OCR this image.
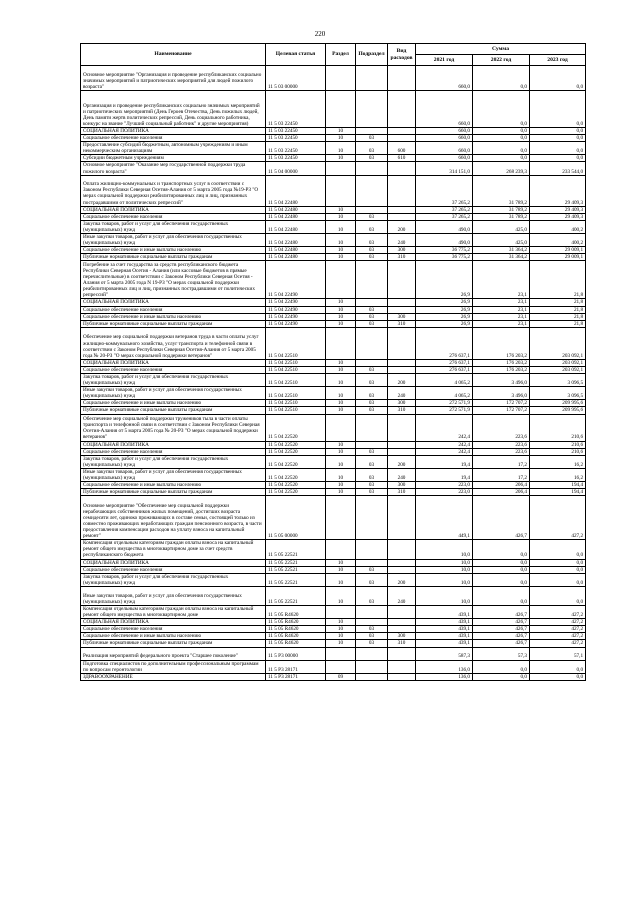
220
Наименование	Целевая статья	Раздел	Подраздел	Вид расходов	Сумма		
					2021 год	2022 год	2023 год
Основное мероприятие "Организация и проведение республиканских социально значимых мероприятий и патриотических мероприятий для людей пожилого возраста"	11 5 03 00000				660,0	0,0	0,0
Организация и проведение республиканских социально значимых мероприятий и патриотических мероприятий (День Героев Отечества, День пожилых людей, День памяти жертв политических репрессий, День социального работника, конкурс на звание "Лучший социальный работник" и другие мероприятия)	11 5 03 22450				660,0	0,0	0,0
СОЦИАЛЬНАЯ ПОЛИТИКА	11 5 03 22450	10			660,0	0,0	0,0
Социальное обеспечение населения	11 5 03 22450	10	03		660,0	0,0	0,0
Предоставление субсидий бюджетным, автономным учреждениям и иным некоммерческим организациям	11 5 03 22450	10	03	600	660,0	0,0	0,0
Субсидии бюджетным учреждениям	11 5 03 22450	10	03	610	660,0	0,0	0,0
Основное мероприятие "Оказание мер государственной поддержки труда пожилого возраста"	11 5 04 00000				314 151,0	268 239,3	233 544,0
Оплата жилищно-коммунальных и транспортных услуг в соответствии с Законом Республики Северная Осетия-Алания от 5 марта 2005 года №19-РЗ "О мерах социальной поддержки реабилитированных лиц и лиц, признанных пострадавшими от политических репрессий"	11 5 04 22480				37 265,2	31 789,2	29 409,3
СОЦИАЛЬНАЯ ПОЛИТИКА	11 5 04 22480	10			37 265,2	31 789,2	29 409,3
Социальное обеспечение населения	11 5 04 22480	10	03		37 265,2	31 789,2	29 409,3
Закупка товаров, работ и услуг для обеспечения государственных (муниципальных) нужд	11 5 04 22480	10	03	200	490,0	425,0	400,2
Иные закупки товаров, работ и услуг для обеспечения государственных (муниципальных) нужд	11 5 04 22480	10	03	240	490,0	425,0	400,2
Социальное обеспечение и иные выплаты населению	11 5 04 22480	10	03	300	36 775,2	31 364,2	29 009,1
Публичные нормативные социальные выплаты гражданам	11 5 04 22480	10	03	310	36 775,2	31 364,2	29 009,1
Погребение за счет государства за средств республиканского бюджета Республики Северная Осетия - Алания (или кассовые бюджетов в прямые перечислительные) в соответствии с Законом Республики Северная Осетия - Алания от 5 марта 2005 года N 19-РЗ "О мерах социальной поддержки реабилитированных лиц и лиц, признанных пострадавшими от политических репрессий"	11 5 04 22490				26,9	23,1	21,8
СОЦИАЛЬНАЯ ПОЛИТИКА	11 5 04 22490	10			26,9	23,1	21,8
Социальное обеспечение населения	11 5 04 22490	10	03		26,9	23,1	21,8
Социальное обеспечение и иные выплаты населению	11 5 04 22490	10	03	300	26,9	23,1	21,8
Публичные нормативные социальные выплаты гражданам	11 5 04 22490	10	03	310	26,9	23,1	21,8
Обеспечение мер социальной поддержки ветеранов труда в части оплаты услуг жилищно-коммунального хозяйства, услуг транспорта и телефонной связи в соответствии с Законом Республики Северная Осетия-Алания от 5 марта 2005 года № 20-РЗ "О мерах социальной поддержки ветеранов"	11 5 04 22510				276 637,1	176 203,2	203 092,1
СОЦИАЛЬНАЯ ПОЛИТИКА	11 5 04 22510	10			276 637,1	176 203,2	203 092,1
Социальное обеспечение населения	11 5 04 22510	10	03		276 637,1	176 203,2	203 092,1
Закупка товаров, работ и услуг для обеспечения государственных (муниципальных) нужд	11 5 04 22510	10	03	200	4 065,2	3 496,0	3 096,5
Иные закупки товаров, работ и услуг для обеспечения государственных (муниципальных) нужд	11 5 04 22510	10	03	240	4 065,2	3 496,0	3 096,5
Социальное обеспечение и иные выплаты населению	11 5 04 22510	10	03	300	272 571,9	172 707,2	209 995,6
Публичные нормативные социальные выплаты гражданам	11 5 04 22510	10	03	310	272 571,9	172 707,2	209 995,6
Обеспечение мер социальной поддержки тружеников тыла в части оплаты транспорта и телефонной связи в соответствии с Законом Республики Северная Осетия-Алания от 5 марта 2005 года № 20-РЗ "О мерах социальной поддержки ветеранов"	11 5 04 22520				242,4	223,6	210,6
СОЦИАЛЬНАЯ ПОЛИТИКА	11 5 04 22520	10			242,4	223,6	210,6
Социальное обеспечение населения	11 5 04 22520	10	03		242,4	223,6	210,6
Закупка товаров, работ и услуг для обеспечения государственных (муниципальных) нужд	11 5 04 22520	10	03	200	19,4	17,2	16,2
Иные закупки товаров, работ и услуг для обеспечения государственных (муниципальных) нужд	11 5 04 22520	10	03	240	19,4	17,2	16,2
Социальное обеспечение и иные выплаты населению	11 5 04 22520	10	03	300	223,0	206,4	194,4
Публичные нормативные социальные выплаты гражданам	11 5 04 22520	10	03	310	223,0	206,4	194,4
Основное мероприятие "Обеспечение мер социальной поддержки нерабочающих собственников жилых помещений, достигших возраста семидесяти лет, одиноко проживающих в составе семьи, состоящей только из совместно проживающих неработающих граждан пенсионного возраста, в части предоставления компенсации расходов на уплату взноса на капитальный ремонт"	11 5 05 00000				449,1	426,7	427,2
Компенсация отдельным категориям граждан оплаты взноса на капитальный ремонт общего имущества в многоквартирном доме за счет средств республиканского бюджета	11 5 05 22521				10,0	0,0	0,0
СОЦИАЛЬНАЯ ПОЛИТИКА	11 5 05 22521	10			10,0	0,0	0,0
Социальное обеспечение населения	11 5 05 22521	10	03		10,0	0,0	0,0
Закупка товаров, работ и услуг для обеспечения государственных (муниципальных) нужд	11 5 05 22521	10	03	200	10,0	0,0	0,0
Иные закупки товаров, работ и услуг для обеспечения государственных (муниципальных) нужд	11 5 05 22521	10	03	240	10,0	0,0	0,0
Компенсация отдельным категориям граждан оплаты взноса на капитальный ремонт общего имущества в многоквартирном доме	11 5 05 R4620				439,1	426,7	427,2
СОЦИАЛЬНАЯ ПОЛИТИКА	11 5 05 R4620	10			439,1	426,7	427,2
Социальное обеспечение населения	11 5 05 R4620	10	03		439,1	426,7	427,2
Социальное обеспечение и иные выплаты населению	11 5 05 R4620	10	03	300	439,1	426,7	427,2
Публичные нормативные социальные выплаты гражданам	11 5 05 R4620	10	03	310	439,1	426,7	427,2
Реализация мероприятий федерального проекта "Старшее поколение"	11 5 P3 00000				587,3	57,3	57,1
Подготовка специалистов по дополнительным профессиональным программам по вопросам геронтологии	11 5 P3 28171				136,0	0,0	0,0
ЗДРАВООХРАНЕНИЕ	11 5 P3 28171	09			136,0	0,0	0,0
